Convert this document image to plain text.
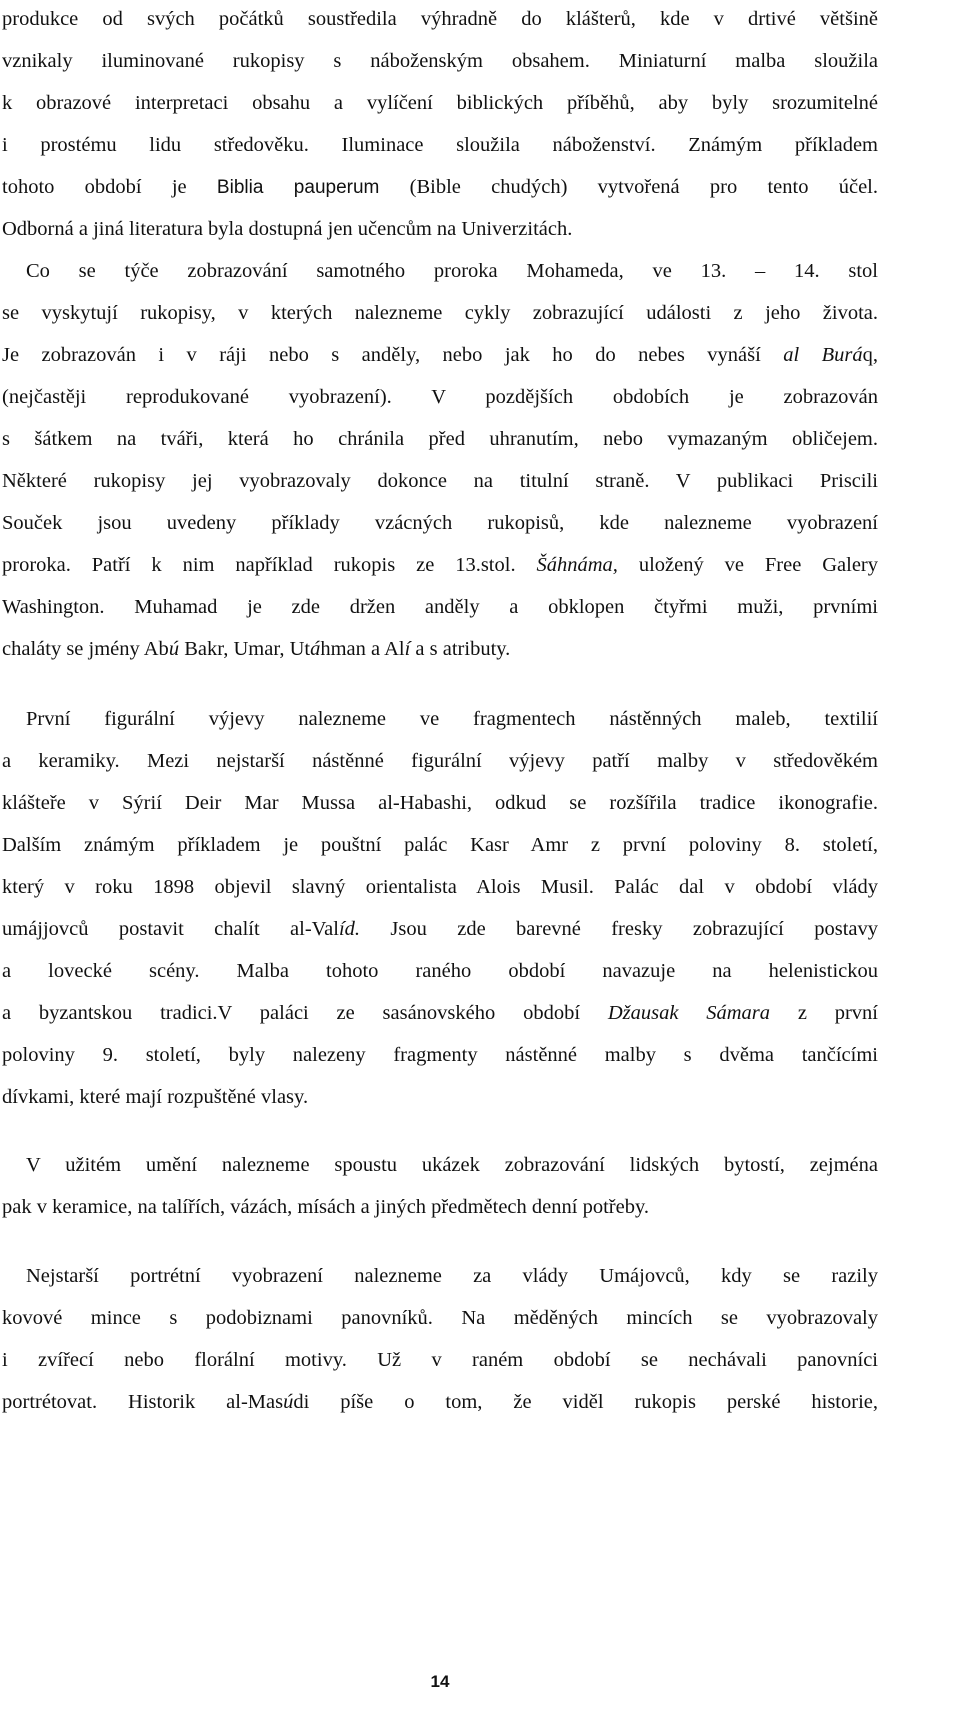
produkce od svých počátků soustředila výhradně do klášterů, kde v drtivé většině
vznikaly iluminované rukopisy s náboženským obsahem. Miniaturní malba sloužila
k obrazové interpretaci obsahu a vylíčení biblických příběhů, aby byly srozumitelné
i prostému lidu středověku. Iluminace sloužila náboženství. Známým příkladem
tohoto období je Biblia pauperum (Bible chudých) vytvořená pro tento účel.
Odborná a jiná literatura byla dostupná jen učencům na Univerzitách.
Co se týče zobrazování samotného proroka Mohameda, ve 13. – 14. stol
se vyskytují rukopisy, v kterých nalezneme cykly zobrazující události z jeho života.
Je zobrazován i v ráji nebo s anděly, nebo jak ho do nebes vynáší al Buráq,
(nejčastěji reprodukované vyobrazení). V pozdějších obdobích je zobrazován
s šátkem na tváři, která ho chránila před uhranutím, nebo vymazaným obličejem.
Některé rukopisy jej vyobrazovaly dokonce na titulní straně. V publikaci Priscili
Souček jsou uvedeny příklady vzácných rukopisů, kde nalezneme vyobrazení
proroka. Patří k nim například rukopis ze 13.stol. Šáhnáma, uložený ve Free Galery
Washington. Muhamad je zde držen anděly a obklopen čtyřmi muži, prvními
chaláty se jmény Abú Bakr, Umar, Utáhman a Alí a s atributy.
První figurální výjevy nalezneme ve fragmentech nástěnných maleb, textilií
a keramiky. Mezi nejstarší nástěnné figurální výjevy patří malby v středověkém
klášteře v Sýrií Deir Mar Mussa al-Habashi, odkud se rozšířila tradice ikonografie.
Dalším známým příkladem je pouštní palác Kasr Amr z první poloviny 8. století,
který v roku 1898 objevil slavný orientalista Alois Musil. Palác dal v období vlády
umájjovců postavit chalít al-Valíd. Jsou zde barevné fresky zobrazující postavy
a lovecké scény. Malba tohoto raného období navazuje na helenistickou
a byzantskou tradici.V paláci ze sasánovského období Džausak Sámara z první
poloviny 9. století, byly nalezeny fragmenty nástěnné malby s dvěma tančícími
dívkami, které mají rozpuštěné vlasy.
V užitém umění nalezneme spoustu ukázek zobrazování lidských bytostí, zejména
pak v keramice, na talířích, vázách, mísách a jiných předmětech denní potřeby.
Nejstarší portrétní vyobrazení nalezneme za vlády Umájovců, kdy se razily
kovové mince s podobiznami panovníků. Na měděných mincích se vyobrazovaly
i zvířecí nebo florální motivy. Už v raném období se nechávali panovníci
portrétovat. Historik al-Masúdi píše o tom, že viděl rukopis perské historie,
14
